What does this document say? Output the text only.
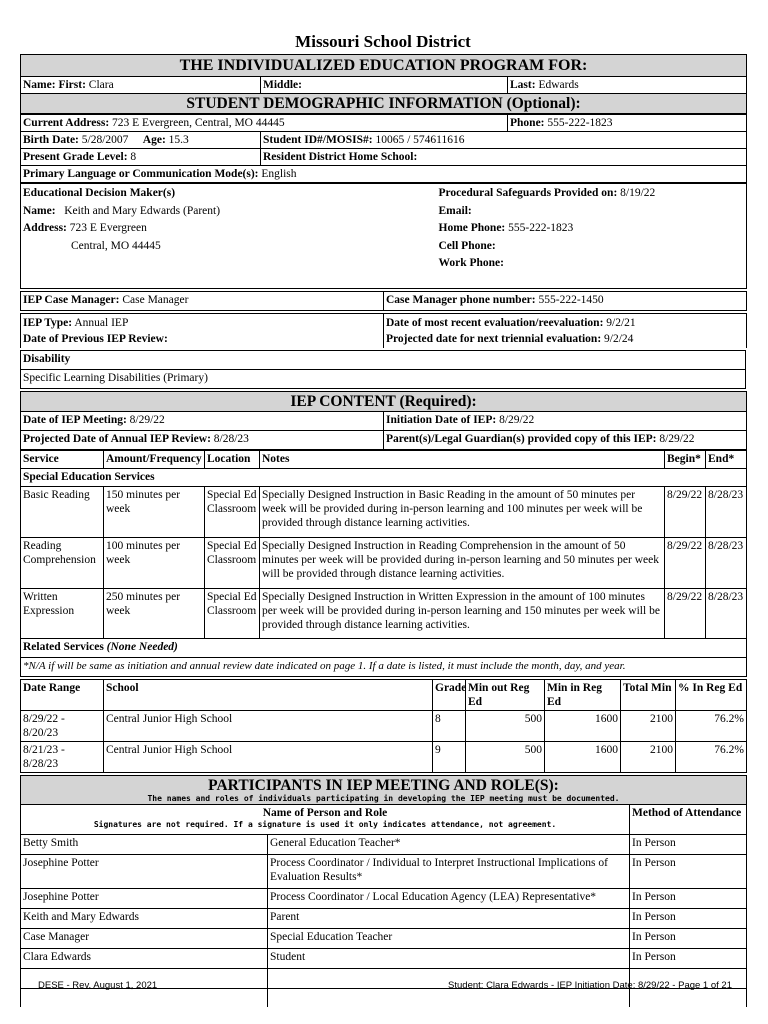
Missouri School District
THE INDIVIDUALIZED EDUCATION PROGRAM FOR:
Name: First: Clara	Middle:	Last: Edwards
STUDENT DEMOGRAPHIC INFORMATION (Optional):
Current Address: 723 E Evergreen, Central, MO 44445		Phone: 555-222-1823
Birth Date: 5/28/2007 Age: 15.3	Student ID#/MOSIS#: 10065 / 574611616	
Present Grade Level: 8	Resident District Home School:	
Primary Language or Communication Mode(s): English		
Educational Decision Maker(s)
Name: Keith and Mary Edwards (Parent)
Address: 723 E Evergreen
Central, MO 44445

Procedural Safeguards Provided on: 8/19/22
Email:
Home Phone: 555-222-1823
Cell Phone:
Work Phone:
IEP Case Manager: Case Manager	Case Manager phone number: 555-222-1450
IEP Type: Annual IEP
Date of Previous IEP Review:

Date of most recent evaluation/reevaluation: 9/2/21
Projected date for next triennial evaluation: 9/2/24
Disability
Specific Learning Disabilities (Primary)
IEP CONTENT (Required):	
Date of IEP Meeting: 8/29/22	Initiation Date of IEP: 8/29/22
Projected Date of Annual IEP Review: 8/28/23	Parent(s)/Legal Guardian(s) provided copy of this IEP: 8/29/22
Service	Amount/Frequency	Location	Notes	Begin*	End*
Special Education Services					
Basic Reading	150 minutes per week	Special Ed Classroom	Specially Designed Instruction in Basic Reading in the amount of 50 minutes per week will be provided during in-person learning and 100 minutes per week will be provided through distance learning activities.	8/29/22	8/28/23
Reading Comprehension	100 minutes per week	Special Ed Classroom	Specially Designed Instruction in Reading Comprehension in the amount of 50 minutes per week will be provided during in-person learning and 50 minutes per week will be provided through distance learning activities.	8/29/22	8/28/23
Written Expression	250 minutes per week	Special Ed Classroom	Specially Designed Instruction in Written Expression in the amount of 100 minutes per week will be provided during in-person learning and 150 minutes per week will be provided through distance learning activities.	8/29/22	8/28/23
Related Services (None Needed)					
*N/A if will be same as initiation and annual review date indicated on page 1. If a date is listed, it must include the month, day, and year.					
Date Range	School	Grade	Min out Reg Ed	Min in Reg Ed	Total Min	% In Reg Ed
8/29/22 - 8/20/23	Central Junior High School	8	500	1600	2100	76.2%
8/21/23 - 8/28/23	Central Junior High School	9	500	1600	2100	76.2%
PARTICIPANTS IN IEP MEETING AND ROLE(S):
The names and roles of individuals participating in developing the IEP meeting must be documented.		

Name of Person and Role
Signatures are not required. If a signature is used it only indicates attendance, not agreement.		Method of Attendance
Betty Smith	General Education Teacher*	In Person
Josephine Potter	Process Coordinator / Individual to Interpret Instructional Implications of Evaluation Results*	In Person
Josephine Potter	Process Coordinator / Local Education Agency (LEA) Representative*	In Person
Keith and Mary Edwards	Parent	In Person
Case Manager	Special Education Teacher	In Person
Clara Edwards	Student	In Person

DESE - Rev. August 1, 2021	Student: Clara Edwards - IEP Initiation Date: 8/29/22 - Page 1 of 21
